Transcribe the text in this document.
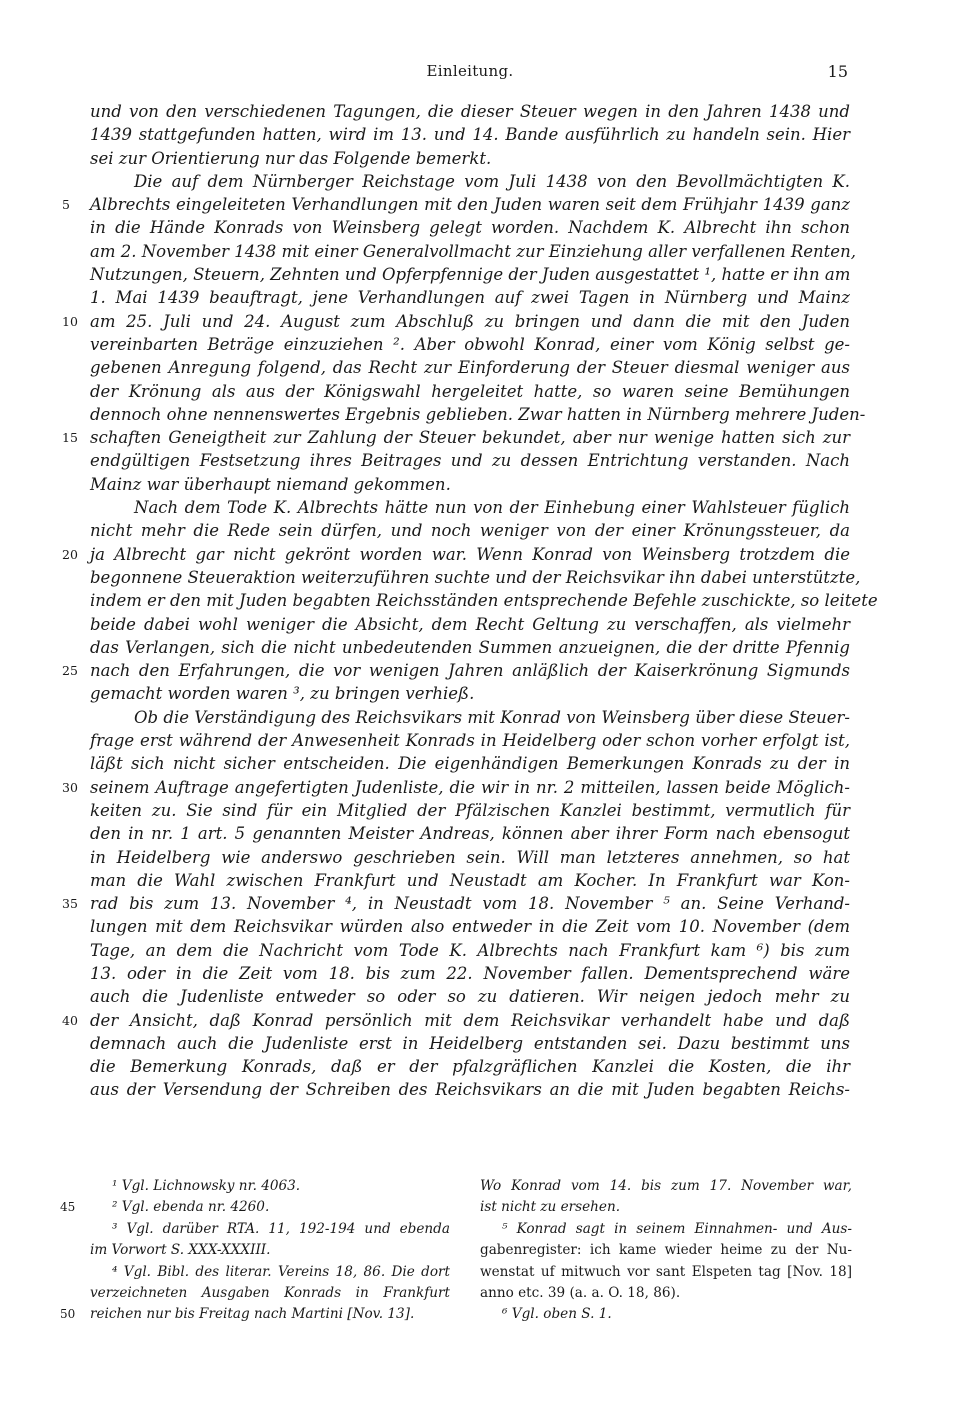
Einleitung.	15
und von den verschiedenen Tagungen, die dieser Steuer wegen in den Jahren 1438 und
1439 stattgefunden hatten, wird im 13. und 14. Bande ausführlich zu handeln sein. Hier
sei zur Orientierung nur das Folgende bemerkt.
Die auf dem Nürnberger Reichstage vom Juli 1438 von den Bevollmächtigten K.
5	Albrechts eingeleiteten Verhandlungen mit den Juden waren seit dem Frühjahr 1439 ganz
in die Hände Konrads von Weinsberg gelegt worden. Nachdem K. Albrecht ihn schon
am 2. November 1438 mit einer Generalvollmacht zur Einziehung aller verfallenen Renten,
Nutzungen, Steuern, Zehnten und Opferpfennige der Juden ausgestattet ¹, hatte er ihn am
1. Mai 1439 beauftragt, jene Verhandlungen auf zwei Tagen in Nürnberg und Mainz
10 am 25. Juli und 24. August zum Abschluß zu bringen und dann die mit den Juden
vereinbarten Beträge einzuziehen ². Aber obwohl Konrad, einer vom König selbst ge-
gebenen Anregung folgend, das Recht zur Einforderung der Steuer diesmal weniger aus
der Krönung als aus der Königswahl hergeleitet hatte, so waren seine Bemühungen
dennoch ohne nennenswertes Ergebnis geblieben. Zwar hatten in Nürnberg mehrere Juden-
15 schaften Geneigtheit zur Zahlung der Steuer bekundet, aber nur wenige hatten sich zur
endgültigen Festsetzung ihres Beitrages und zu dessen Entrichtung verstanden. Nach
Mainz war überhaupt niemand gekommen.
Nach dem Tode K. Albrechts hätte nun von der Einhebung einer Wahlsteuer füglich
nicht mehr die Rede sein dürfen, und noch weniger von der einer Krönungssteuer, da
20 ja Albrecht gar nicht gekrönt worden war. Wenn Konrad von Weinsberg trotzdem die
begonnene Steueraktion weiterzuführen suchte und der Reichsvikar ihn dabei unterstützte,
indem er den mit Juden begabten Reichsständen entsprechende Befehle zuschickte, so leitete
beide dabei wohl weniger die Absicht, dem Recht Geltung zu verschaffen, als vielmehr
das Verlangen, sich die nicht unbedeutenden Summen anzueignen, die der dritte Pfennig
25 nach den Erfahrungen, die vor wenigen Jahren anläßlich der Kaiserkrönung Sigmunds
gemacht worden waren ³, zu bringen verhieß.
Ob die Verständigung des Reichsvikars mit Konrad von Weinsberg über diese Steuer-
frage erst während der Anwesenheit Konrads in Heidelberg oder schon vorher erfolgt ist,
läßt sich nicht sicher entscheiden. Die eigenhändigen Bemerkungen Konrads zu der in
30 seinem Auftrage angefertigten Judenliste, die wir in nr. 2 mitteilen, lassen beide Möglich-
keiten zu. Sie sind für ein Mitglied der Pfälzischen Kanzlei bestimmt, vermutlich für
den in nr. 1 art. 5 genannten Meister Andreas, können aber ihrer Form nach ebensogut
in Heidelberg wie anderswo geschrieben sein. Will man letzteres annehmen, so hat
man die Wahl zwischen Frankfurt und Neustadt am Kocher. In Frankfurt war Kon-
35 rad bis zum 13. November ⁴, in Neustadt vom 18. November ⁵ an. Seine Verhand-
lungen mit dem Reichsvikar würden also entweder in die Zeit vom 10. November (dem
Tage, an dem die Nachricht vom Tode K. Albrechts nach Frankfurt kam ⁶) bis zum
13. oder in die Zeit vom 18. bis zum 22. November fallen. Dementsprechend wäre
auch die Judenliste entweder so oder so zu datieren. Wir neigen jedoch mehr zu
40 der Ansicht, daß Konrad persönlich mit dem Reichsvikar verhandelt habe und daß
demnach auch die Judenliste erst in Heidelberg entstanden sei. Dazu bestimmt uns
die Bemerkung Konrads, daß er der pfalzgräflichen Kanzlei die Kosten, die ihr
aus der Versendung der Schreiben des Reichsvikars an die mit Juden begabten Reichs-
¹ Vgl. Lichnowsky nr. 4063.
45	² Vgl. ebenda nr. 4260.
³ Vgl. darüber RTA. 11, 192-194 und ebenda
im Vorwort S. XXX-XXXIII.
⁴ Vgl. Bibl. des literar. Vereins 18, 86. Die dort
verzeichneten Ausgaben Konrads in Frankfurt
50	reichen nur bis Freitag nach Martini [Nov. 13].
Wo Konrad vom 14. bis zum 17. November war,
ist nicht zu ersehen.
⁵ Konrad sagt in seinem Einnahmen- und Aus-
gabenregister: ich kame wieder heime zu der Nu-
wenstat uf mitwuch vor sant Elspeten tag [Nov. 18]
anno etc. 39 (a. a. O. 18, 86).
⁶ Vgl. oben S. 1.
